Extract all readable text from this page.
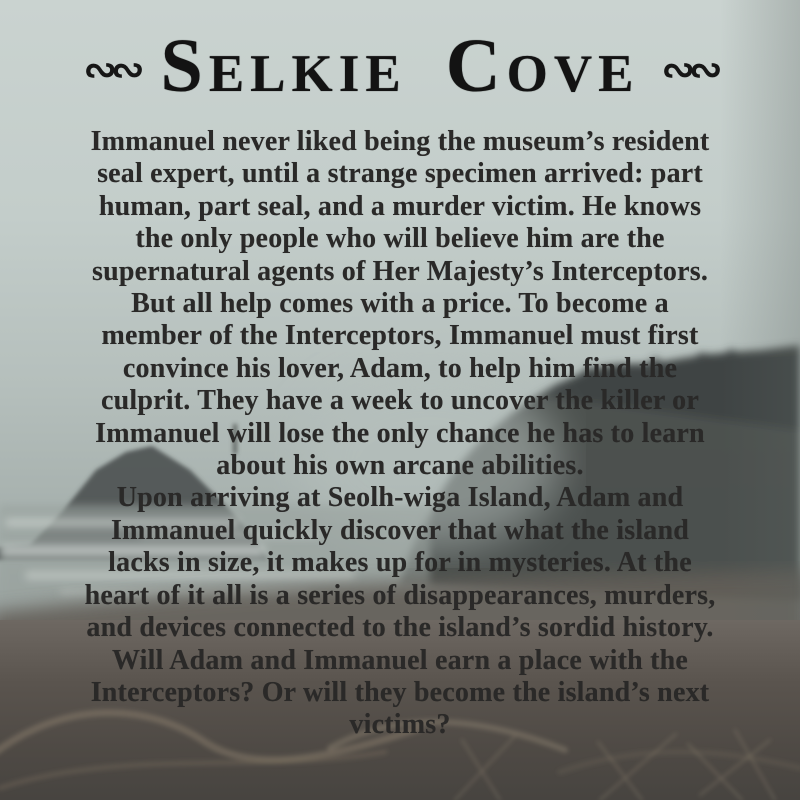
∾∾ Selkie Cove ∾∾
Immanuel never liked being the museum’s resident
seal expert, until a strange specimen arrived: part
human, part seal, and a murder victim. He knows
the only people who will believe him are the
supernatural agents of Her Majesty’s Interceptors.
But all help comes with a price. To become a
member of the Interceptors, Immanuel must first
convince his lover, Adam, to help him find the
culprit. They have a week to uncover the killer or
Immanuel will lose the only chance he has to learn
about his own arcane abilities.
Upon arriving at Seolh-wiga Island, Adam and
Immanuel quickly discover that what the island
lacks in size, it makes up for in mysteries. At the
heart of it all is a series of disappearances, murders,
and devices connected to the island’s sordid history.
Will Adam and Immanuel earn a place with the
Interceptors? Or will they become the island’s next
victims?
